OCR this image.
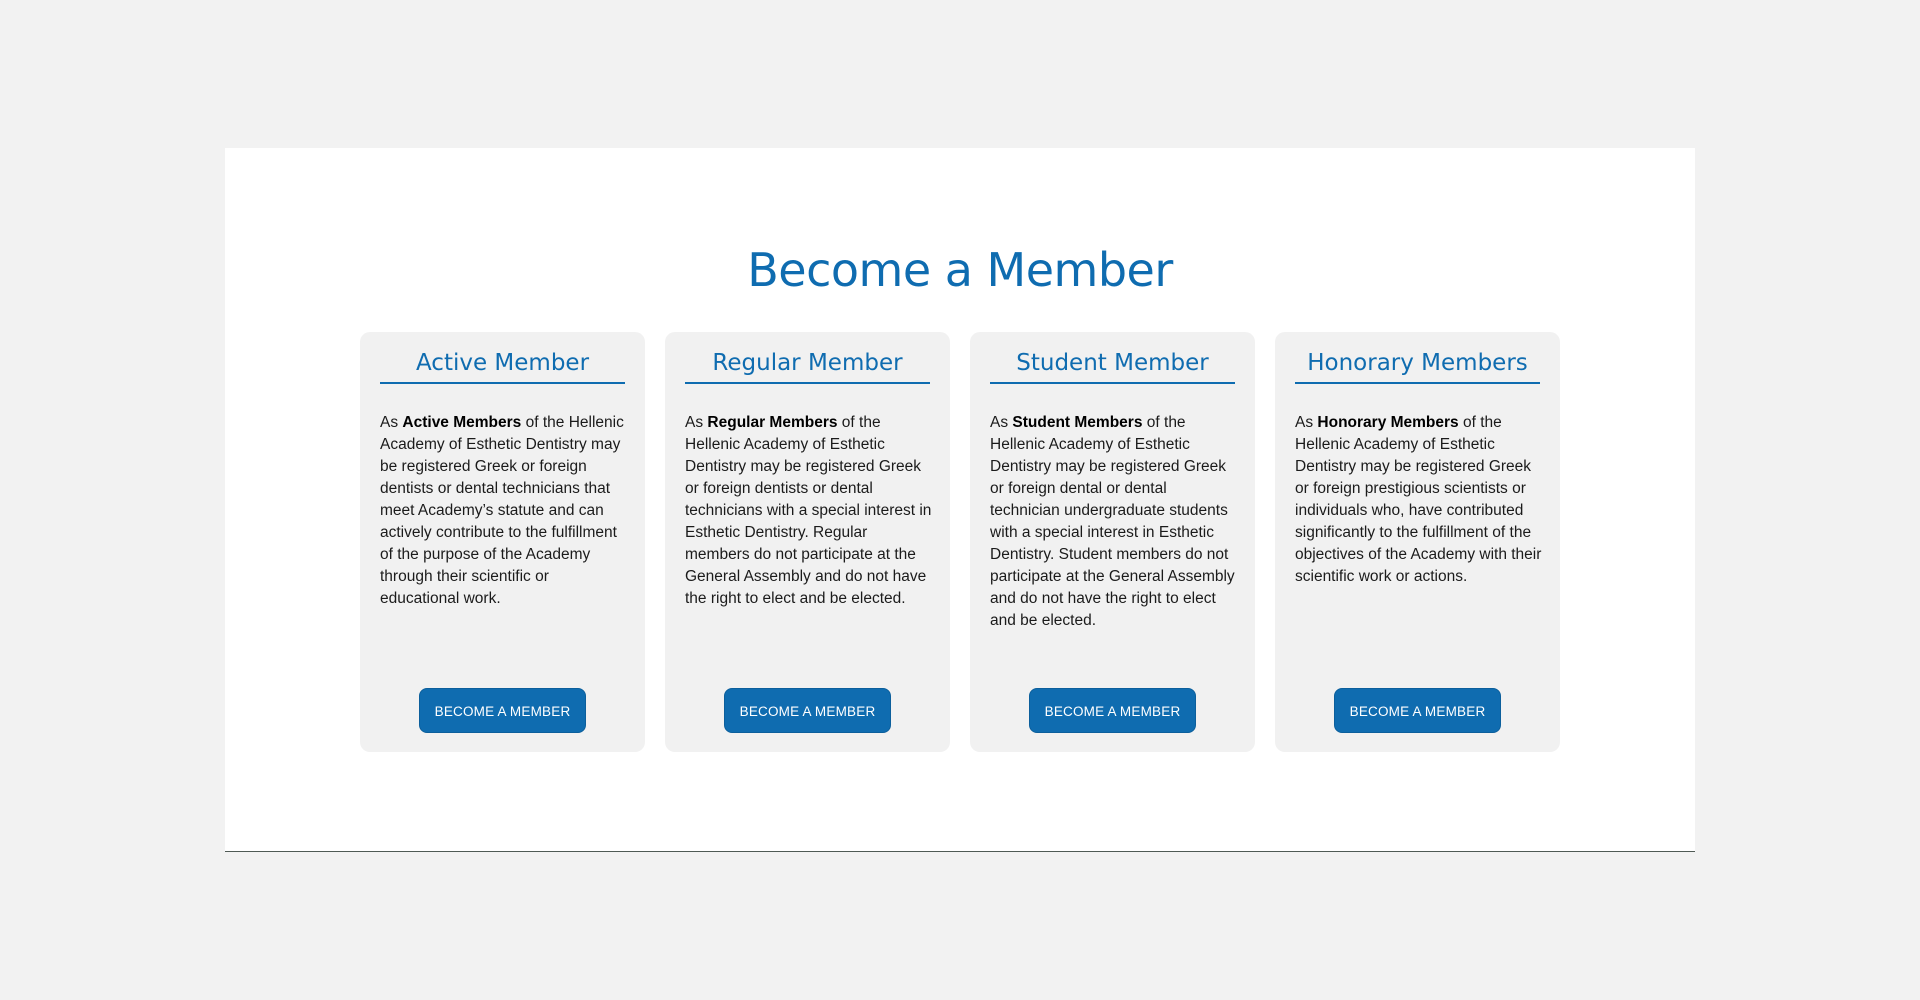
Become a Member
Active Member

As Active Members of the Hellenic Academy of Esthetic Dentistry may be registered Greek or foreign dentists or dental technicians that meet Academy’s statute and can actively contribute to the fulfillment of the purpose of the Academy through their scientific or educational work.

BECOME A MEMBER
Regular Member

As Regular Members of the Hellenic Academy of Esthetic Dentistry may be registered Greek or foreign dentists or dental technicians with a special interest in Esthetic Dentistry. Regular members do not participate at the General Assembly and do not have the right to elect and be elected.

BECOME A MEMBER
Student Member

As Student Members of the Hellenic Academy of Esthetic Dentistry may be registered Greek or foreign dental or dental technician undergraduate students with a special interest in Esthetic Dentistry. Student members do not participate at the General Assembly and do not have the right to elect and be elected.

BECOME A MEMBER
Honorary Members

As Honorary Members of the Hellenic Academy of Esthetic Dentistry may be registered Greek or foreign prestigious scientists or individuals who, have contributed significantly to the fulfillment of the objectives of the Academy with their scientific work or actions.

BECOME A MEMBER
